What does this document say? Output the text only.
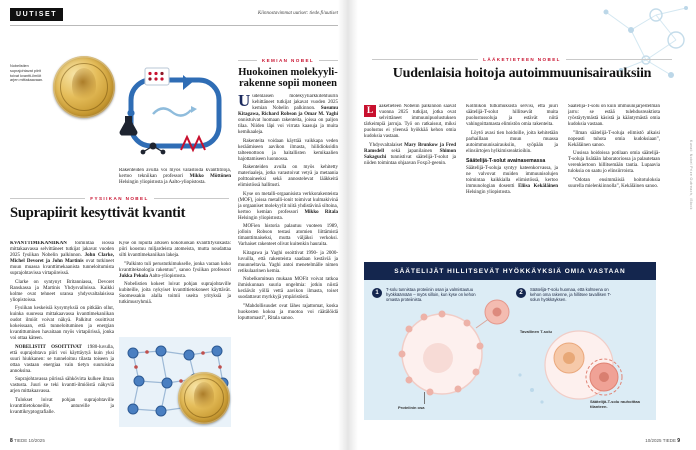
UUTISET	Kiinnostavimmat uutiset: tiede.fi/uutiset
Nobelistien suprajohtavat piirit toivat kvantti-ilmiöt arjen mittakaavaan.

Rakenteiden avulla voi myös varastoida kvanttitiloja, kertoo tekniikan professori Mikko Möttönen Helsingin yliopistosta ja Aalto-yliopistosta.

FYSIIKAN NOBEL
Suprapiirit kesyttivät kvantit

KVANTTIMEKANIIKAN toimintaa isossa mittakaavassa selvittäneet tutkijat jakavat vuoden 2025 fysiikan Nobelin palkinnon. John Clarke, Michel Devoret ja John Martinis ovat tutkineet muun muassa kvanttimekaanista tunneloitumista suprajohtavissa virtapiireissä.

Clarke on syntynyt Britanniassa, Devoret Ranskassa ja Martinis Yhdysvalloissa. Kaikki kolme ovat tehneet uransa yhdysvaltalaisissa yliopistoissa.

Fysiikan keskeisiä kysymyksiä on pitkään ollut, kuinka suuressa mittakaavassa kvanttimekaniikan oudot ilmiöt voivat näkyä. Palkitut osoittivat kokeissaan, että tunneloituminen ja energian kvantittuminen havaitaan myös virtapiirissä, jonka voi ottaa käteen.

NOBELISTIT OSOITTIVAT 1980-luvulla, että suprajohtava piiri voi käyttäytyä kuin yksi suuri hiukkanen: se tunneloituu tilasta toiseen ja ottaa vastaan energiaa vain tietyn suuruisina annoksina.

Suprajohtavassa piirissä sähkövirta kulkee ilman vastusta. Juuri se teki kvantti-ilmiöistä näkyviä arjen mittakaavassa.

Tulokset loivat pohjan suprajohtaville kvanttitietokoneille, antureille ja kvanttikryptografialle.

Kyse on lopulta arkisen kokoluokan kvanttifysiikasta: piiri koostuu miljardeista atomeista, mutta noudattaa silti kvanttimekaniikan lakeja.

”Palkinto tuli perustutkimukselle, jonka varaan koko kvanttiteknologia rakentuu”, sanoo fysiikan professori Jukka Pekola Aalto-yliopistosta.

Nobelistien kokeet loivat pohjan suprajohtaville kubiteille, joita nykyiset kvanttitietokoneet käyttävät. Suomessakin alalla toimii useita yrityksiä ja tutkimusryhmiä.

KEMIAN NOBEL
Huokoinen molekyyli-
rakenne sopii moneen

Uudenlaisen molekyyliarkkitehtuurin kehittäneet tutkijat jakavat vuoden 2025 kemian Nobelin palkinnon. Susumu Kitagawa, Richard Robson ja Omar M. Yaghi onnistuivat luomaan rakenteita, joissa on paljon tilaa. Niiden läpi voi virrata kaasuja ja muita kemikaaleja.

Rakenteita voidaan käyttää vaikkapa veden keräämiseen aavikon ilmasta, hiilidioksidin talteenottoon ja haitallisten kemikaalien hajottamiseen luonnossa.

Rakenteiden avulla on myös kehitetty materiaaleja, jotka varastoivat vetyä ja metaania polttoaineeksi sekä annostelevat lääkkeitä elimistössä hallitusti.

Kyse on metalli-orgaanisista verkkorakenteista (MOF), joissa metalli-ionit toimivat kulmakivinä ja orgaaniset molekyylit niitä yhdistävinä siltoina, kertoo kemian professori Mikko Ritala Helsingin yliopistosta.

MOFien historia palautuu vuoteen 1989, jolloin Robson testasi atomien liittämistä timanttimaiseksi, mutta väljäksi verkoksi. Varhaiset rakenteet olivat kuitenkin hauraita.

Kitagawa ja Yaghi osoittivat 1990- ja 2000-luvuilla, että rakenteista saadaan kestäviä ja muunneltavia. Yaghi antoi menetelmälle nimen retikulaarinen kemia.

Nobelkomitean mukaan MOFit voivat ratkoa ihmiskunnan suuria ongelmia: jotkin niistä keräävät yöllä vettä aavikon ilmasta, toiset suodattavat myrkkyjä ympäristöstä.

”Mahdollisuudet ovat lähes rajattomat, koska huokosten kokoa ja muotoa voi räätälöidä loputtomasti”, Ritala sanoo.

8 TIEDE 10/2025
LÄÄKETIETEEN NOBEL
Uudenlaisia hoitoja autoimmuunisairauksiin

L	ääketieteen Nobelin palkinnon saavat vuonna 2025 tutkijat, jotka ovat selvittäneet immuunipuolustuksen tärkeimpiä jarruja. Työ on ratkaissut, miksi puolustus ei yleensä hyökkää kehon omia kudoksia vastaan.

Yhdysvaltalaiset Mary Brunkow ja Fred Ramsdell sekä japanilainen Shimon Sakaguchi tunnistivat säätelijä-T-solut ja niiden toimintaa ohjaavan Foxp3-geenin.

Kolmikon tutkimuksista selvisi, että juuri säätelijä-T-solut hillitsevät muita puolustussoluja ja estävät niitä vahingoittamasta elimistön omia rakenteita.

Löytö avasi tien hoidoille, joita kehitetään parhaillaan muun muassa autoimmuunisairauksiin, syöpään ja elinsiirtojen hylkimisreaktioihin.

Säätelijä-T-solut avainasemassa

Säätelijä-T-soluja syntyy kateenkorvassa, ja ne valvovat muiden immuunisolujen toimintaa kaikkialla elimistössä, kertoo immunologian dosentti Eliisa Kekäläinen Helsingin yliopistosta.

Säätelijä-T-solu on kuin immuunijärjestelmän jarru: se estää tulehdusreaktiota ryöstäytymästä käsistä ja kääntymästä omia kudoksia vastaan.

”Ilman säätelijä-T-soluja elimistö alkaisi nopeasti tuhota omia kudoksiaan”, Kekäläinen sanoo.

Uusissa hoidoissa potilaan omia säätelijä-T-soluja lisätään laboratoriossa ja palautetaan verenkiertoon hillitsemään tautia. Lupaavia tuloksia on saatu jo elinsiirroista.

”Odotan ensimmäisiä hoitotuloksia suurella mielenkiinnolla”, Kekäläinen sanoo.

SÄÄTELIJÄT HILLITSEVÄT HYÖKKÄYKSIÄ OMIA VASTAAN
1
T-solu tunnistaa proteiinin osan ja valmistautuu hyökkäämään – myös silloin, kun kyse on kehon omasta proteiinista.
2
Säätelijä-T-solu huomaa, että kohteena on kehon oma rakenne, ja hillitsee tavallisen T-solun hyökkäyksen.
Proteiinin osa
Tavallinen T-solu
Säätelijä-T-solu rauhoittaa tilanteen.
Kuvat: Nobel Prize Outreach, iStock
10/2025 TIEDE 9
